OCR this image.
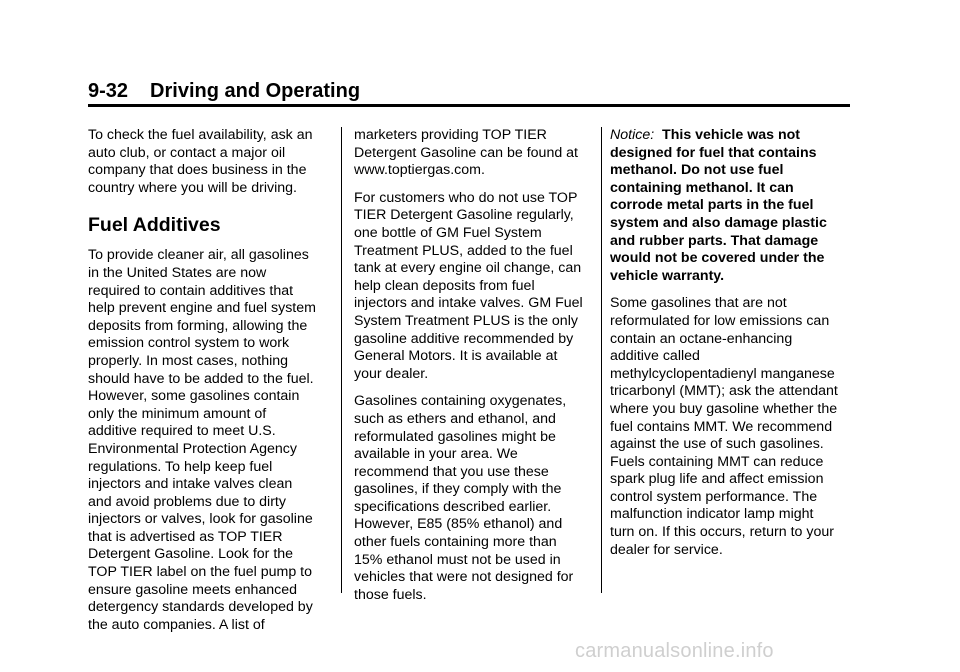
9-32 Driving and Operating

To check the fuel availability, ask an
auto club, or contact a major oil
company that does business in the
country where you will be driving.

Fuel Additives

To provide cleaner air, all gasolines
in the United States are now
required to contain additives that
help prevent engine and fuel system
deposits from forming, allowing the
emission control system to work
properly. In most cases, nothing
should have to be added to the fuel.
However, some gasolines contain
only the minimum amount of
additive required to meet U.S.
Environmental Protection Agency
regulations. To help keep fuel
injectors and intake valves clean
and avoid problems due to dirty
injectors or valves, look for gasoline
that is advertised as TOP TIER
Detergent Gasoline. Look for the
TOP TIER label on the fuel pump to
ensure gasoline meets enhanced
detergency standards developed by
the auto companies. A list of

marketers providing TOP TIER
Detergent Gasoline can be found at
www.toptiergas.com.

For customers who do not use TOP
TIER Detergent Gasoline regularly,
one bottle of GM Fuel System
Treatment PLUS, added to the fuel
tank at every engine oil change, can
help clean deposits from fuel
injectors and intake valves. GM Fuel
System Treatment PLUS is the only
gasoline additive recommended by
General Motors. It is available at
your dealer.

Gasolines containing oxygenates,
such as ethers and ethanol, and
reformulated gasolines might be
available in your area. We
recommend that you use these
gasolines, if they comply with the
specifications described earlier.
However, E85 (85% ethanol) and
other fuels containing more than
15% ethanol must not be used in
vehicles that were not designed for
those fuels.

Notice: This vehicle was not
designed for fuel that contains
methanol. Do not use fuel
containing methanol. It can
corrode metal parts in the fuel
system and also damage plastic
and rubber parts. That damage
would not be covered under the
vehicle warranty.

Some gasolines that are not
reformulated for low emissions can
contain an octane-enhancing
additive called
methylcyclopentadienyl manganese
tricarbonyl (MMT); ask the attendant
where you buy gasoline whether the
fuel contains MMT. We recommend
against the use of such gasolines.
Fuels containing MMT can reduce
spark plug life and affect emission
control system performance. The
malfunction indicator lamp might
turn on. If this occurs, return to your
dealer for service.

carmanualsonline.info
